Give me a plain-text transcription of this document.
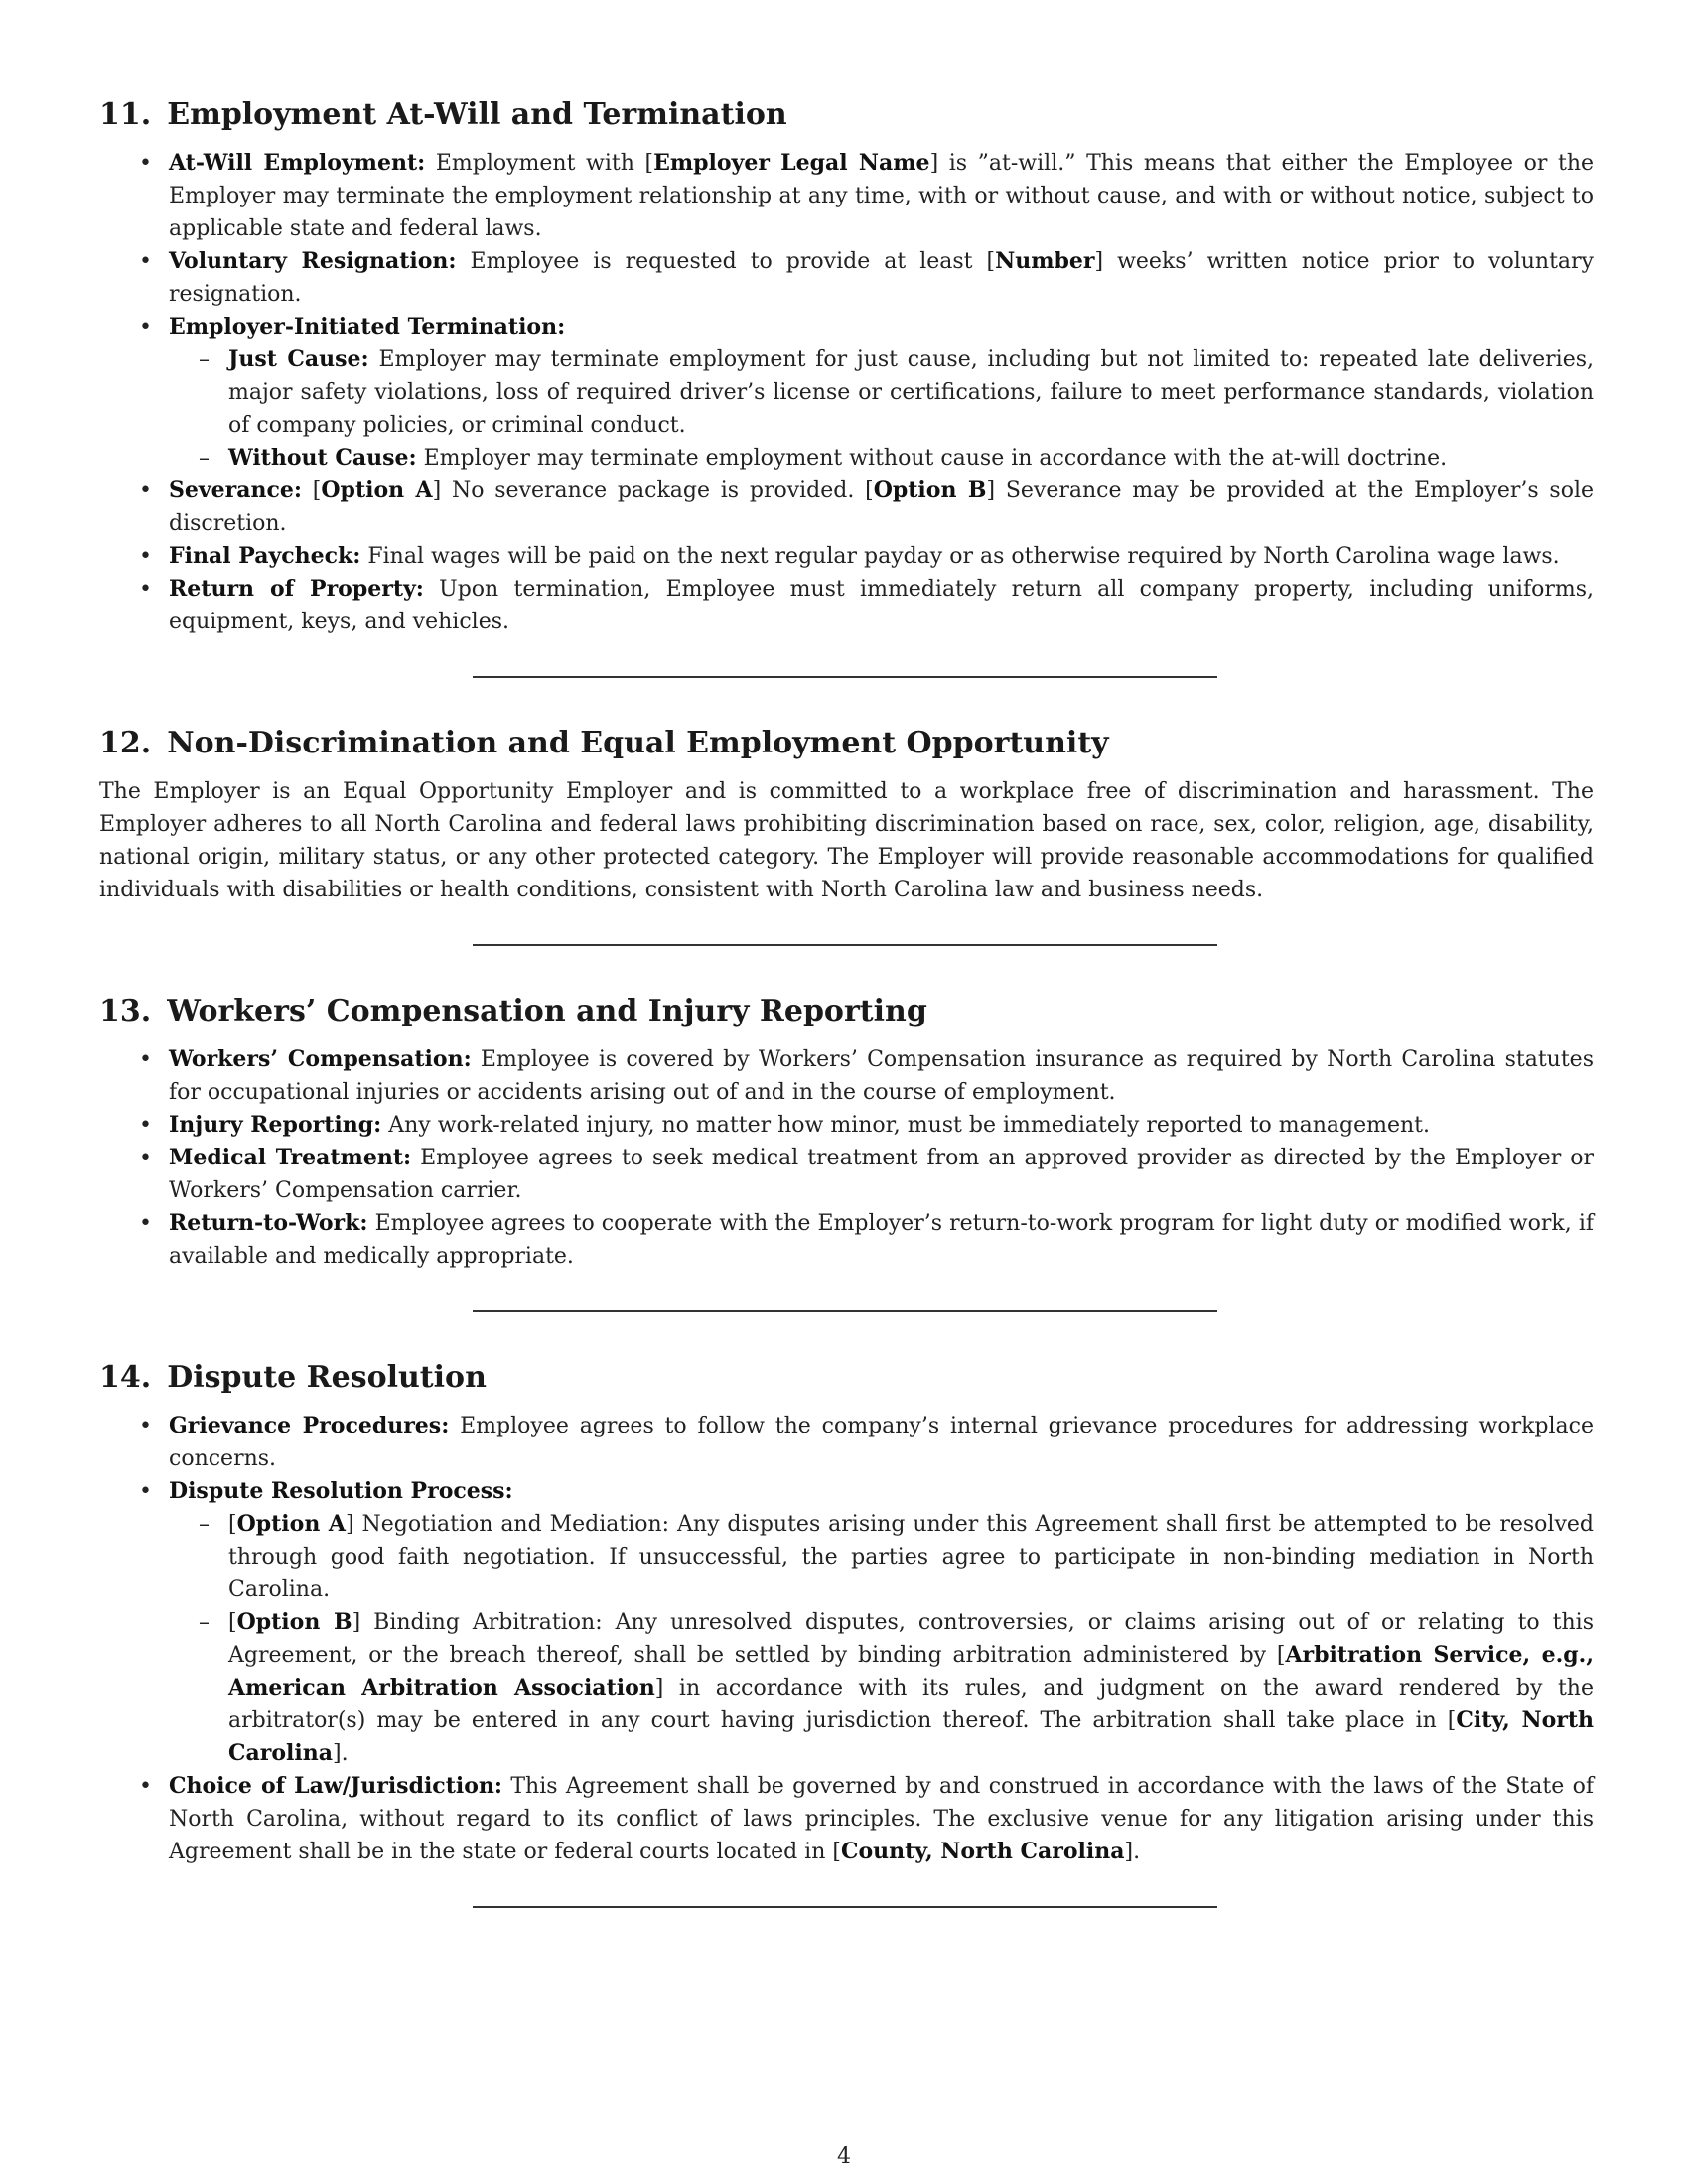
11. Employment At-Will and Termination
• At-Will Employment: Employment with [Employer Legal Name] is ”at-will.” This means that either the Employee or the Employer may terminate the employment relationship at any time, with or without cause, and with or without notice, subject to applicable state and federal laws.
• Voluntary Resignation: Employee is requested to provide at least [Number] weeks’ written notice prior to voluntary resignation.
• Employer-Initiated Termination:
– Just Cause: Employer may terminate employment for just cause, including but not limited to: repeated late deliveries, major safety violations, loss of required driver’s license or certifications, failure to meet performance standards, violation of company policies, or criminal conduct.
– Without Cause: Employer may terminate employment without cause in accordance with the at-will doctrine.
• Severance: [Option A] No severance package is provided. [Option B] Severance may be provided at the Employer’s sole discretion.
• Final Paycheck: Final wages will be paid on the next regular payday or as otherwise required by North Carolina wage laws.
• Return of Property: Upon termination, Employee must immediately return all company property, including uniforms, equipment, keys, and vehicles.
12. Non-Discrimination and Equal Employment Opportunity

The Employer is an Equal Opportunity Employer and is committed to a workplace free of discrimination and harassment. The Employer adheres to all North Carolina and federal laws prohibiting discrimination based on race, sex, color, religion, age, disability, national origin, military status, or any other protected category. The Employer will provide reasonable accommodations for qualified individuals with disabilities or health conditions, consistent with North Carolina law and business needs.

13. Workers’ Compensation and Injury Reporting
• Workers’ Compensation: Employee is covered by Workers’ Compensation insurance as required by North Carolina statutes for occupational injuries or accidents arising out of and in the course of employment.
• Injury Reporting: Any work-related injury, no matter how minor, must be immediately reported to management.
• Medical Treatment: Employee agrees to seek medical treatment from an approved provider as directed by the Employer or Workers’ Compensation carrier.
• Return-to-Work: Employee agrees to cooperate with the Employer’s return-to-work program for light duty or modified work, if available and medically appropriate.
14. Dispute Resolution
• Grievance Procedures: Employee agrees to follow the company’s internal grievance procedures for addressing workplace concerns.
• Dispute Resolution Process:
– [Option A] Negotiation and Mediation: Any disputes arising under this Agreement shall first be attempted to be resolved through good faith negotiation. If unsuccessful, the parties agree to participate in non-binding mediation in North Carolina.
– [Option B] Binding Arbitration: Any unresolved disputes, controversies, or claims arising out of or relating to this Agreement, or the breach thereof, shall be settled by binding arbitration administered by [Arbitration Service, e.g., American Arbitration Association] in accordance with its rules, and judgment on the award rendered by the arbitrator(s) may be entered in any court having jurisdiction thereof. The arbitration shall take place in [City, North Carolina].
• Choice of Law/Jurisdiction: This Agreement shall be governed by and construed in accordance with the laws of the State of North Carolina, without regard to its conflict of laws principles. The exclusive venue for any litigation arising under this Agreement shall be in the state or federal courts located in [County, North Carolina].
4
